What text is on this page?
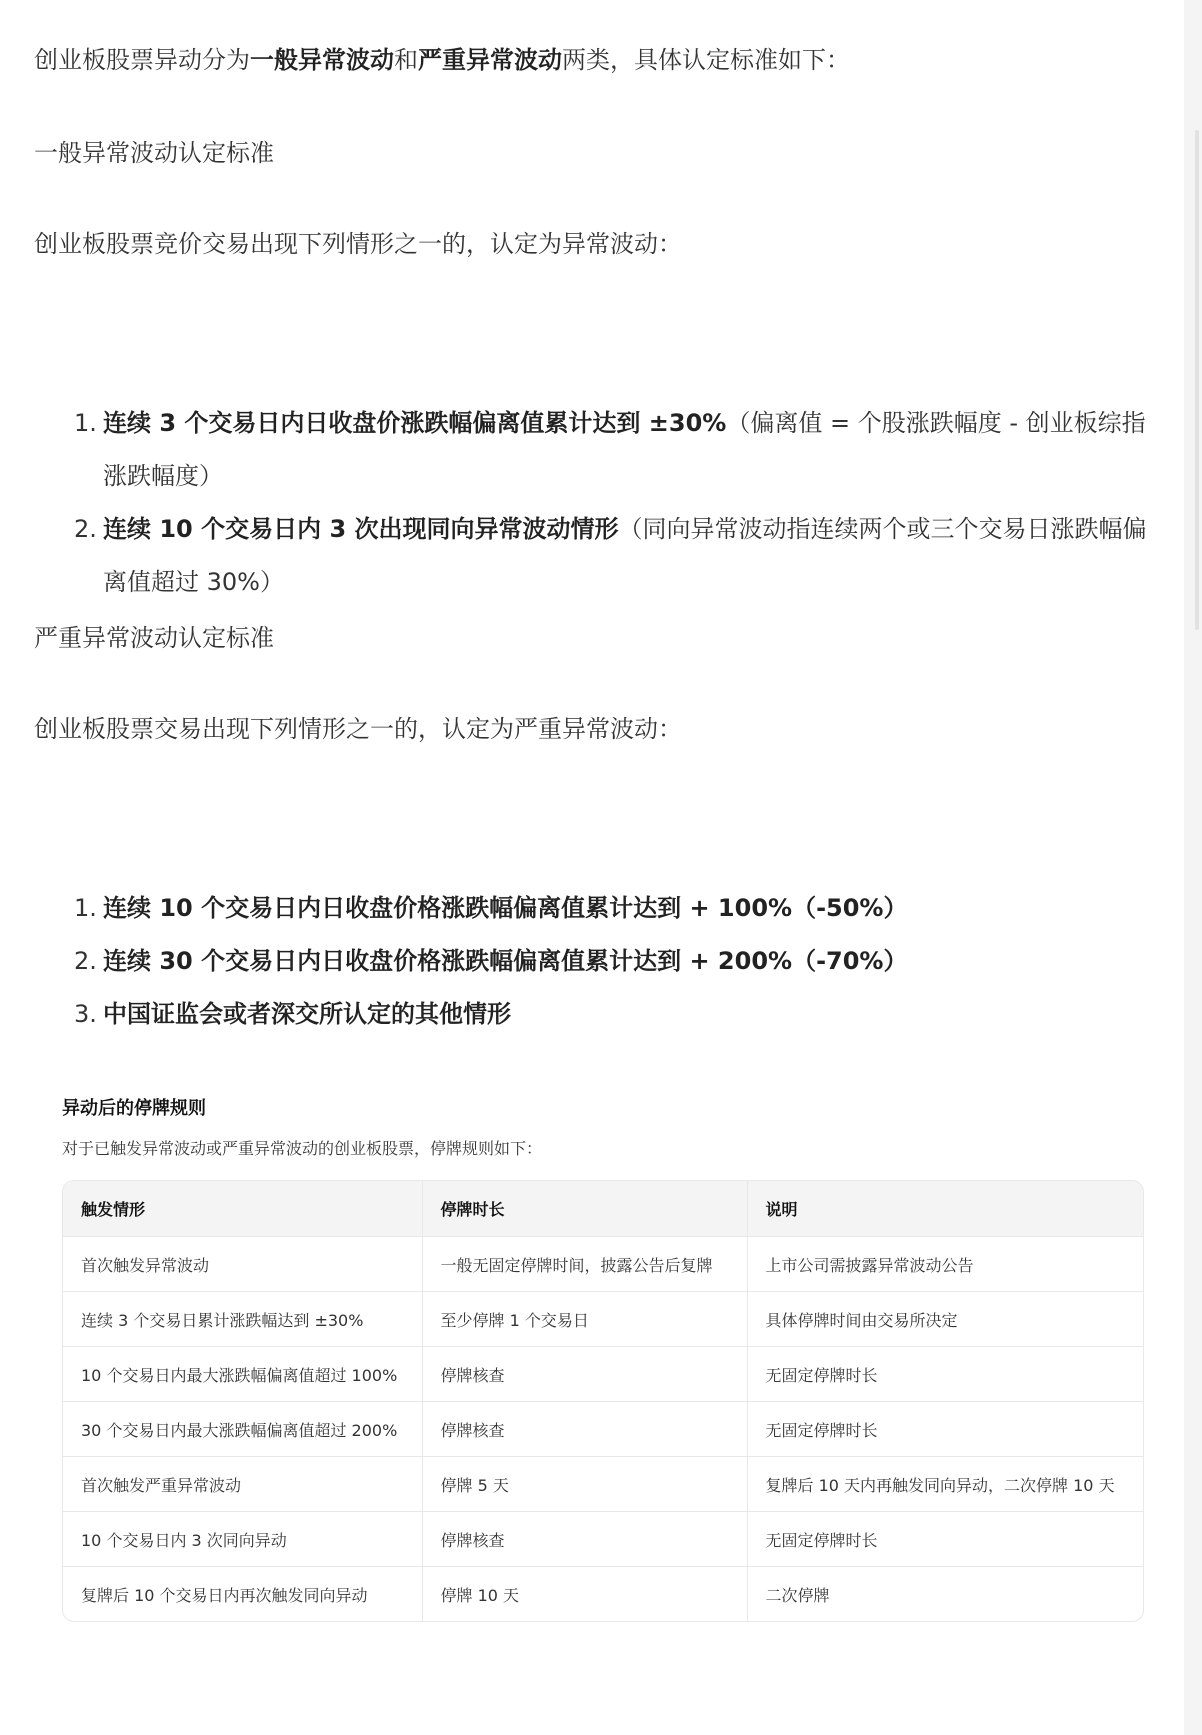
创业板股票异动分为一般异常波动和严重异常波动两类，具体认定标准如下：
一般异常波动认定标准
创业板股票竞价交易出现下列情形之一的，认定为异常波动：
1. 连续 3 个交易日内日收盘价涨跌幅偏离值累计达到 ±30%（偏离值 = 个股涨跌幅度 - 创业板综指涨跌幅度）
2. 连续 10 个交易日内 3 次出现同向异常波动情形（同向异常波动指连续两个或三个交易日涨跌幅偏离值超过 30%）
严重异常波动认定标准
创业板股票交易出现下列情形之一的，认定为严重异常波动：
1. 连续 10 个交易日内日收盘价格涨跌幅偏离值累计达到 + 100%（-50%）
2. 连续 30 个交易日内日收盘价格涨跌幅偏离值累计达到 + 200%（-70%）
3. 中国证监会或者深交所认定的其他情形
异动后的停牌规则
对于已触发异常波动或严重异常波动的创业板股票，停牌规则如下：
触发情形	停牌时长	说明
首次触发异常波动	一般无固定停牌时间，披露公告后复牌	上市公司需披露异常波动公告
连续 3 个交易日累计涨跌幅达到 ±30%	至少停牌 1 个交易日	具体停牌时间由交易所决定
10 个交易日内最大涨跌幅偏离值超过 100%	停牌核查	无固定停牌时长
30 个交易日内最大涨跌幅偏离值超过 200%	停牌核查	无固定停牌时长
首次触发严重异常波动	停牌 5 天	复牌后 10 天内再触发同向异动，二次停牌 10 天
10 个交易日内 3 次同向异动	停牌核查	无固定停牌时长
复牌后 10 个交易日内再次触发同向异动	停牌 10 天	二次停牌
